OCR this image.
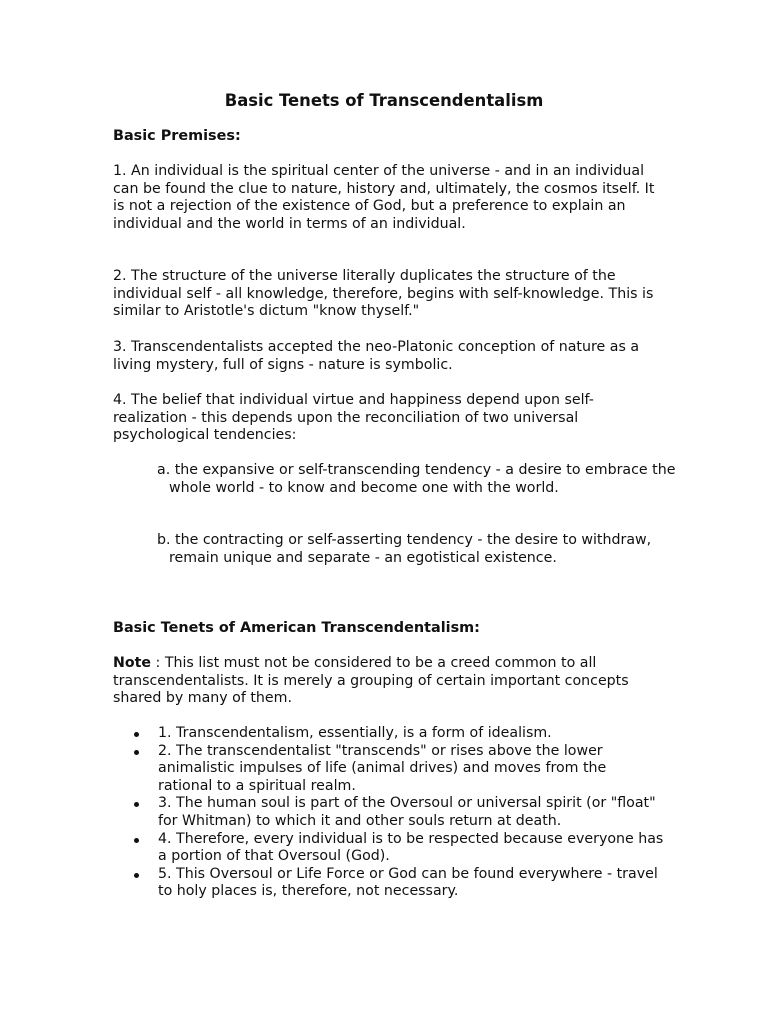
Basic Tenets of Transcendentalism
Basic Premises:

1. An individual is the spiritual center of the universe - and in an individual can be found the clue to nature, history and, ultimately, the cosmos itself. It is not a rejection of the existence of God, but a preference to explain an individual and the world in terms of an individual.

2. The structure of the universe literally duplicates the structure of the individual self - all knowledge, therefore, begins with self-knowledge. This is similar to Aristotle's dictum "know thyself."

3. Transcendentalists accepted the neo-Platonic conception of nature as a living mystery, full of signs - nature is symbolic.

4. The belief that individual virtue and happiness depend upon self-realization - this depends upon the reconciliation of two universal psychological tendencies:

a. the expansive or self-transcending tendency - a desire to embrace the whole world - to know and become one with the world.

b. the contracting or self-asserting tendency - the desire to withdraw, remain unique and separate - an egotistical existence.

Basic Tenets of American Transcendentalism:

Note : This list must not be considered to be a creed common to all transcendentalists. It is merely a grouping of certain important concepts shared by many of them.

1. Transcendentalism, essentially, is a form of idealism.
2. The transcendentalist "transcends" or rises above the lower animalistic impulses of life (animal drives) and moves from the rational to a spiritual realm.
3. The human soul is part of the Oversoul or universal spirit (or "float" for Whitman) to which it and other souls return at death.
4. Therefore, every individual is to be respected because everyone has a portion of that Oversoul (God).
5. This Oversoul or Life Force or God can be found everywhere - travel to holy places is, therefore, not necessary.
